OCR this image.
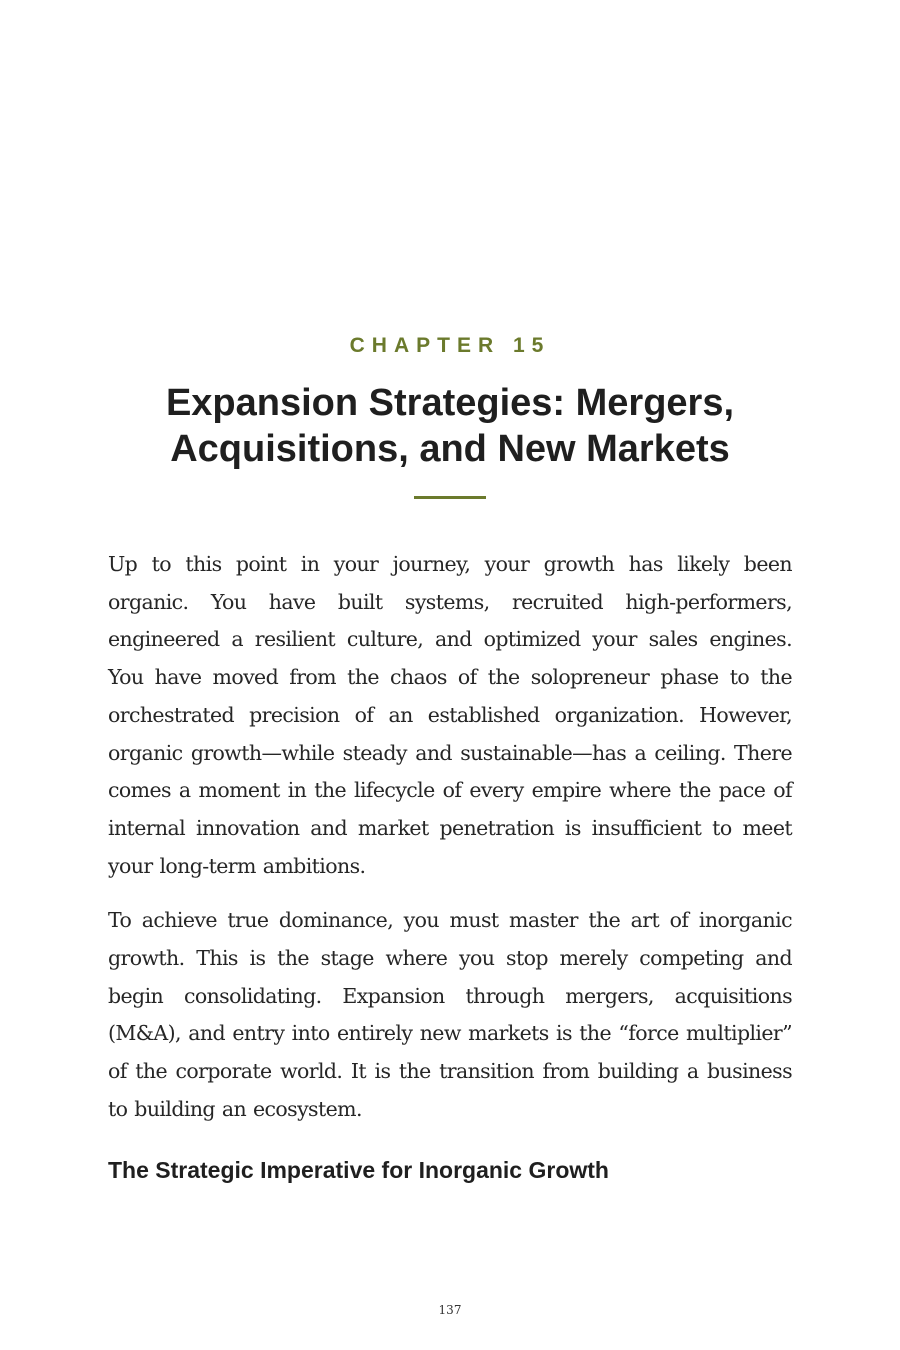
CHAPTER 15
Expansion Strategies: Mergers, Acquisitions, and New Markets

Up to this point in your journey, your growth has likely been organic. You have built systems, recruited high-performers, engineered a resilient culture, and optimized your sales engines. You have moved from the chaos of the solopreneur phase to the orchestrated precision of an established organization. However, organic growth—while steady and sustainable—has a ceiling. There comes a moment in the lifecycle of every empire where the pace of internal innovation and market penetration is insufficient to meet your long-term ambitions.

To achieve true dominance, you must master the art of inorganic growth. This is the stage where you stop merely competing and begin consolidating. Expansion through mergers, acquisitions (M&A), and entry into entirely new markets is the “force multiplier” of the corporate world. It is the transition from building a business to building an ecosystem.

The Strategic Imperative for Inorganic Growth
137
